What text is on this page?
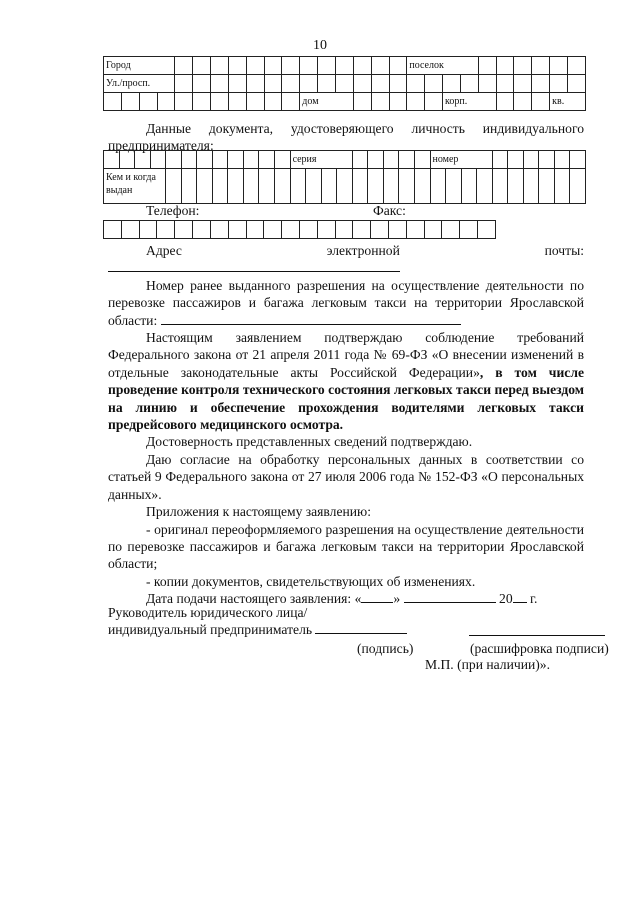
10
Город																	поселок										
Ул./просп.																											
											дом								корп.						кв.		

Данные документа, удостоверяющего личность индивидуального предпринимателя:

												серия									номер									
Кем и когда
выдан																														
Телефон:	Факс:

Адрес электронной почты:

Номер ранее выданного разрешения на осуществление деятельности по перевозке пассажиров и багажа легковым такси на территории Ярославской области:

Настоящим заявлением подтверждаю соблюдение требований Федерального закона от 21 апреля 2011 года № 69-ФЗ «О внесении изменений в отдельные законодательные акты Российской Федерации», в том числе проведение контроля технического состояния легковых такси перед выездом на линию и обеспечение прохождения водителями легковых такси предрейсового медицинского осмотра.

Достоверность представленных сведений подтверждаю.

Даю согласие на обработку персональных данных в соответствии со статьей 9 Федерального закона от 27 июля 2006 года № 152-ФЗ «О персональных данных».

Приложения к настоящему заявлению:

- оригинал переоформляемого разрешения на осуществление деятельности по перевозке пассажиров и багажа легковым такси на территории Ярославской области;

- копии документов, свидетельствующих об изменениях.

Дата подачи настоящего заявления: « »	20 г.

Руководитель юридического лица/
индивидуальный предприниматель
(подпись)	(расшифровка подписи)
М.П. (при наличии)».
